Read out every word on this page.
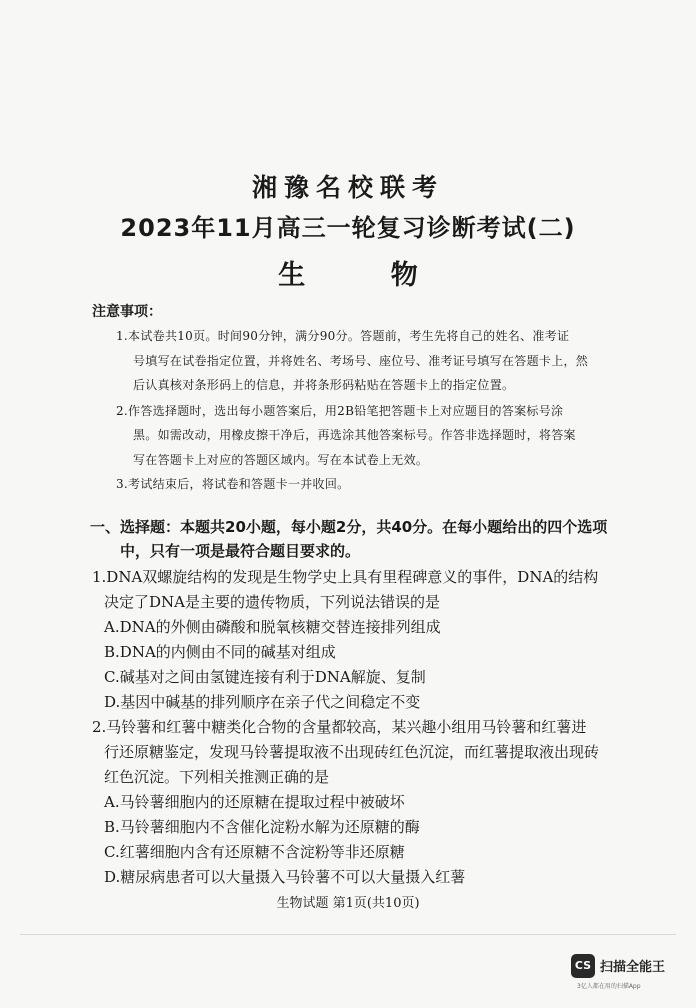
湘豫名校联考
2023年11月高三一轮复习诊断考试(二)
生 物
注意事项：
1.本试卷共10页。时间90分钟，满分90分。答题前，考生先将自己的姓名、准考证
号填写在试卷指定位置，并将姓名、考场号、座位号、准考证号填写在答题卡上，然
后认真核对条形码上的信息，并将条形码粘贴在答题卡上的指定位置。
2.作答选择题时，选出每小题答案后，用2B铅笔把答题卡上对应题目的答案标号涂
黑。如需改动，用橡皮擦干净后，再选涂其他答案标号。作答非选择题时，将答案
写在答题卡上对应的答题区域内。写在本试卷上无效。
3.考试结束后，将试卷和答题卡一并收回。
一、选择题：本题共20小题，每小题2分，共40分。在每小题给出的四个选项
中，只有一项是最符合题目要求的。
1.DNA双螺旋结构的发现是生物学史上具有里程碑意义的事件，DNA的结构
决定了DNA是主要的遗传物质，下列说法错误的是
A.DNA的外侧由磷酸和脱氧核糖交替连接排列组成
B.DNA的内侧由不同的碱基对组成
C.碱基对之间由氢键连接有利于DNA解旋、复制
D.基因中碱基的排列顺序在亲子代之间稳定不变
2.马铃薯和红薯中糖类化合物的含量都较高，某兴趣小组用马铃薯和红薯进
行还原糖鉴定，发现马铃薯提取液不出现砖红色沉淀，而红薯提取液出现砖
红色沉淀。下列相关推测正确的是
A.马铃薯细胞内的还原糖在提取过程中被破坏
B.马铃薯细胞内不含催化淀粉水解为还原糖的酶
C.红薯细胞内含有还原糖不含淀粉等非还原糖
D.糖尿病患者可以大量摄入马铃薯不可以大量摄入红薯
生物试题 第1页(共10页)
CS 扫描全能王
3亿人都在用的扫描App
